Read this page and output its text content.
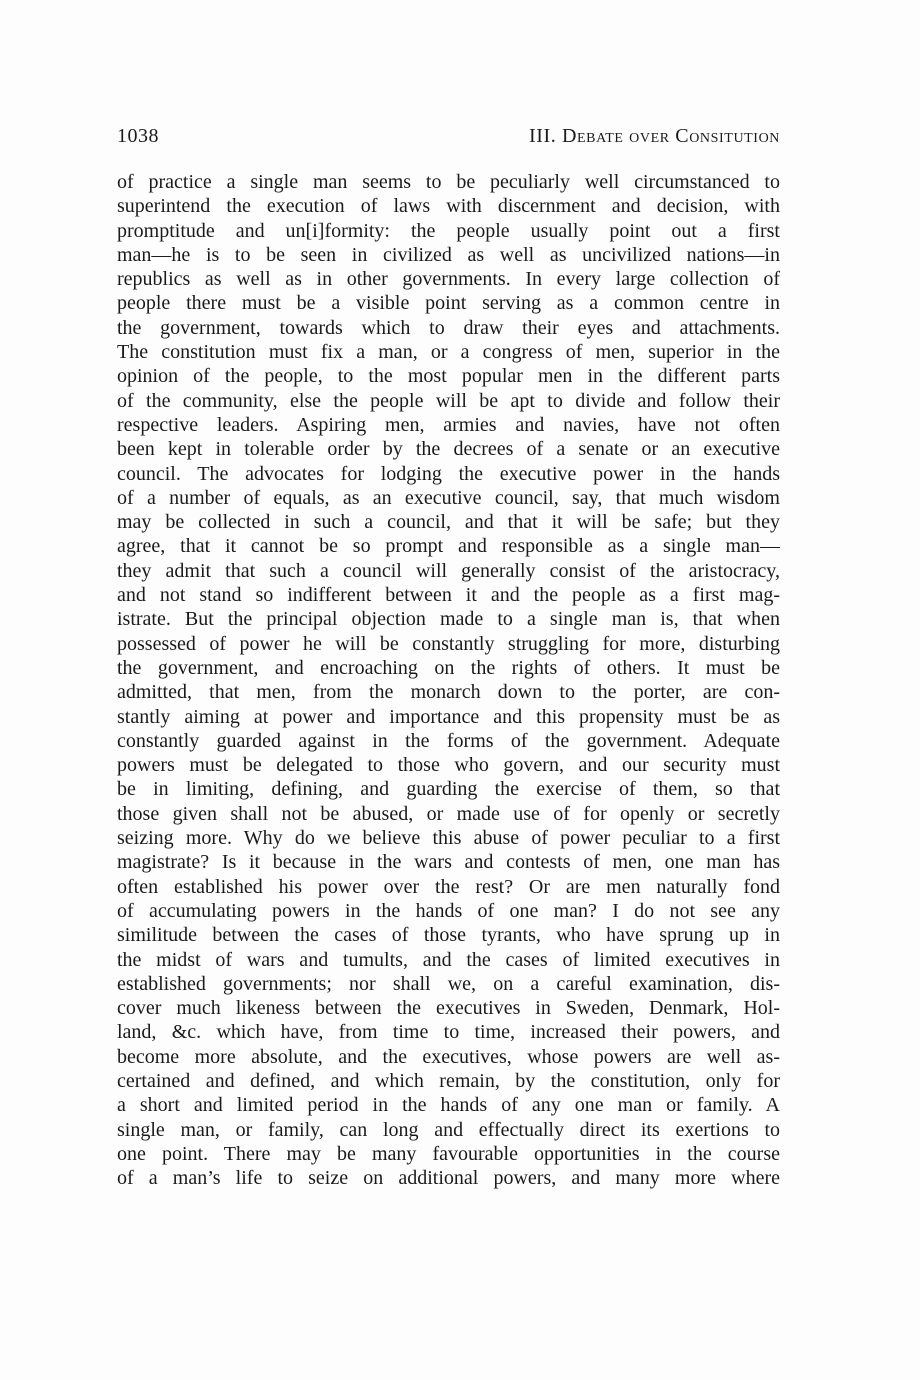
1038	III. Debate over Consitution
of practice a single man seems to be peculiarly well circumstanced to
superintend the execution of laws with discernment and decision, with
promptitude and un[i]formity: the people usually point out a first
man—he is to be seen in civilized as well as uncivilized nations—in
republics as well as in other governments. In every large collection of
people there must be a visible point serving as a common centre in
the government, towards which to draw their eyes and attachments.
The constitution must fix a man, or a congress of men, superior in the
opinion of the people, to the most popular men in the different parts
of the community, else the people will be apt to divide and follow their
respective leaders. Aspiring men, armies and navies, have not often
been kept in tolerable order by the decrees of a senate or an executive
council. The advocates for lodging the executive power in the hands
of a number of equals, as an executive council, say, that much wisdom
may be collected in such a council, and that it will be safe; but they
agree, that it cannot be so prompt and responsible as a single man—
they admit that such a council will generally consist of the aristocracy,
and not stand so indifferent between it and the people as a first mag-
istrate. But the principal objection made to a single man is, that when
possessed of power he will be constantly struggling for more, disturbing
the government, and encroaching on the rights of others. It must be
admitted, that men, from the monarch down to the porter, are con-
stantly aiming at power and importance and this propensity must be as
constantly guarded against in the forms of the government. Adequate
powers must be delegated to those who govern, and our security must
be in limiting, defining, and guarding the exercise of them, so that
those given shall not be abused, or made use of for openly or secretly
seizing more. Why do we believe this abuse of power peculiar to a first
magistrate? Is it because in the wars and contests of men, one man has
often established his power over the rest? Or are men naturally fond
of accumulating powers in the hands of one man? I do not see any
similitude between the cases of those tyrants, who have sprung up in
the midst of wars and tumults, and the cases of limited executives in
established governments; nor shall we, on a careful examination, dis-
cover much likeness between the executives in Sweden, Denmark, Hol-
land, &c. which have, from time to time, increased their powers, and
become more absolute, and the executives, whose powers are well as-
certained and defined, and which remain, by the constitution, only for
a short and limited period in the hands of any one man or family. A
single man, or family, can long and effectually direct its exertions to
one point. There may be many favourable opportunities in the course
of a man’s life to seize on additional powers, and many more where
